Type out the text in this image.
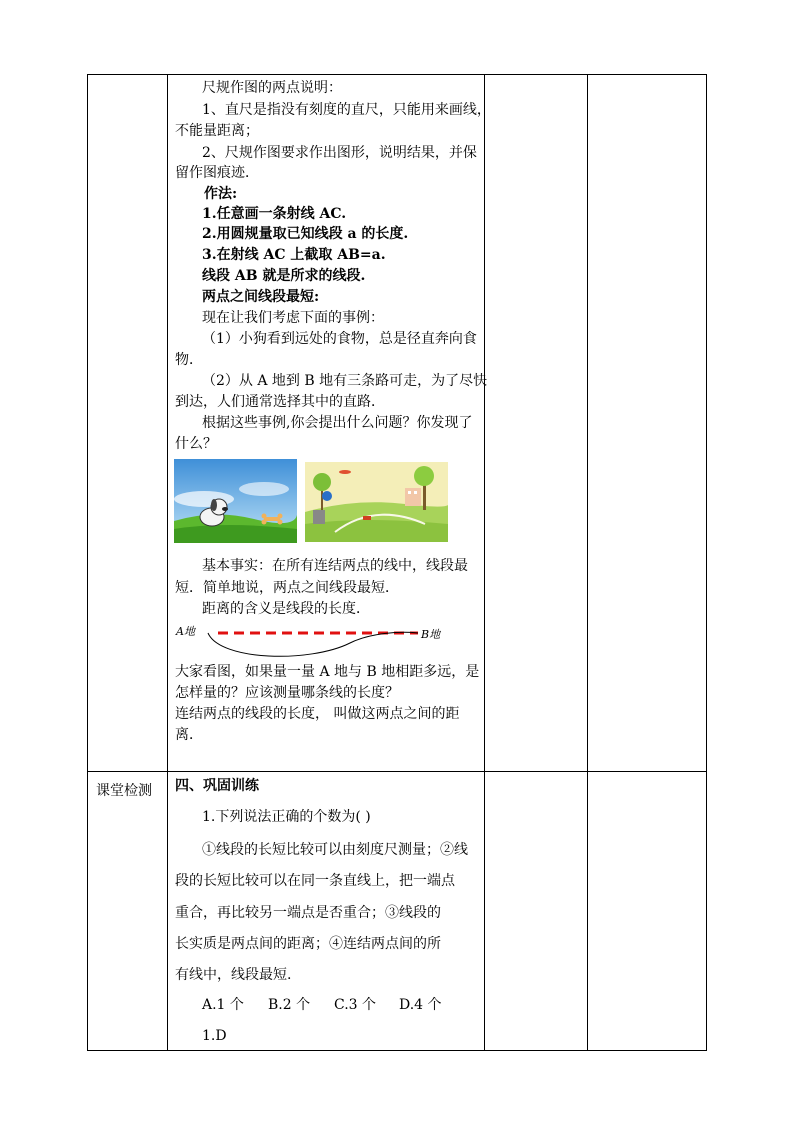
尺规作图的两点说明：
1、直尺是指没有刻度的直尺，只能用来画线，
不能量距离；
2、尺规作图要求作出图形，说明结果，并保
留作图痕迹．
作法:
1.任意画一条射线 AC.
2.用圆规量取已知线段 a 的长度.
3.在射线 AC 上截取 AB=a.
线段 AB 就是所求的线段.
两点之间线段最短:
现在让我们考虑下面的事例：
（1）小狗看到远处的食物，总是径直奔向食
物．
（2）从 A 地到 B 地有三条路可走，为了尽快
到达，人们通常选择其中的直路．
根据这些事例,你会提出什么问题？你发现了
什么？
基本事实：在所有连结两点的线中，线段最
短．简单地说，两点之间线段最短．
距离的含义是线段的长度．
A地	B地
大家看图，如果量一量 A 地与 B 地相距多远，是
怎样量的？应该测量哪条线的长度？
连结两点的线段的长度， 叫做这两点之间的距
离．
课堂检测 四、巩固训练
1.下列说法正确的个数为( )
①线段的长短比较可以由刻度尺测量；②线
段的长短比较可以在同一条直线上，把一端点
重合，再比较另一端点是否重合；③线段的
长实质是两点间的距离；④连结两点间的所
有线中，线段最短.
A.1 个 B.2 个 C.3 个 D.4 个
1.D
